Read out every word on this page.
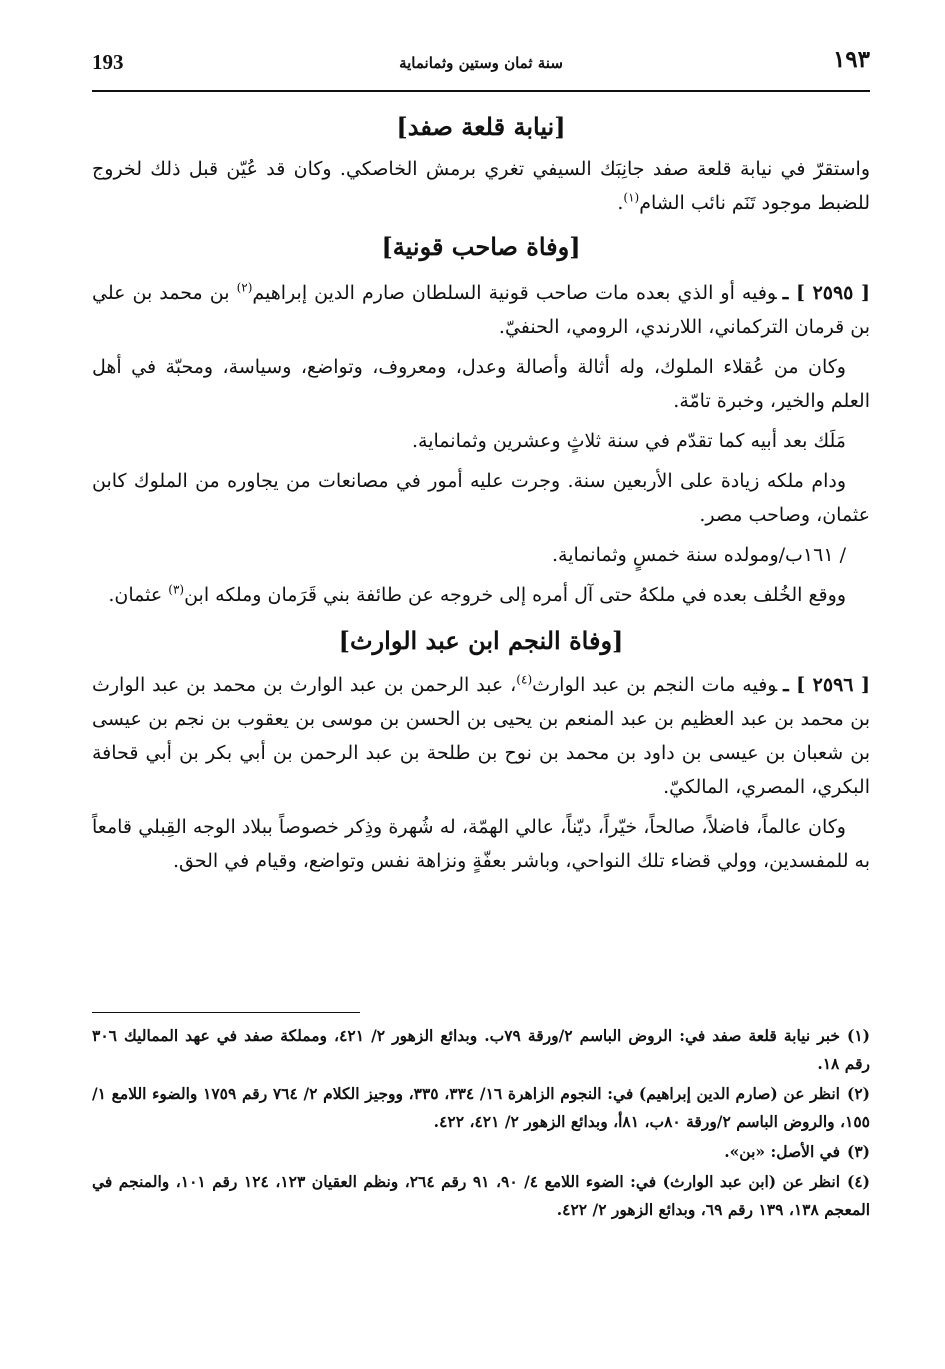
١٩٣
سنة ثمان وستين وثمانماية
193
[نيابة قلعة صفد]

واستقرّ في نيابة قلعة صفد جانِبَك السيفي تغري برمش الخاصكي. وكان قد عُيّن قبل ذلك لخروج للضبط موجود تَنَم نائب الشام$^{(١)}$.

[وفاة صاحب قونية]

[ ٢٥٩٥ ] ـوفيه أو الذي بعده مات صاحب قونية السلطان صارم الدين إبراهيم$^{(٢)}$ بن محمد بن علي بن قرمان التركماني، اللارندي، الرومي، الحنفيّ.

وكان من عُقلاء الملوك، وله أثالة وأصالة وعدل، ومعروف، وتواضع، وسياسة، ومحبّة في أهل العلم والخير، وخبرة تامّة.

مَلَك بعد أبيه كما تقدّم في سنة ثلاثٍ وعشرين وثمانماية.

ودام ملكه زيادة على الأربعين سنة. وجرت عليه أمور في مصانعات من يجاوره من الملوك كابن عثمان، وصاحب مصر.

/ ١٦١ب/ومولده سنة خمسٍ وثمانماية.

ووقع الخُلف بعده في ملكهُ حتى آل أمره إلى خروجه عن طائفة بني قَرَمان وملكه ابن$^{(٣)}$ عثمان.

[وفاة النجم ابن عبد الوارث]

[ ٢٥٩٦ ] ـوفيه مات النجم بن عبد الوارث$^{(٤)}$، عبد الرحمن بن عبد الوارث بن محمد بن عبد الوارث بن محمد بن عبد العظيم بن عبد المنعم بن يحيى بن الحسن بن موسى بن يعقوب بن نجم بن عيسى بن شعبان بن عيسى بن داود بن محمد بن نوح بن طلحة بن عبد الرحمن بن أبي بكر بن أبي قحافة البكري، المصري، المالكيّ.

وكان عالماً، فاضلاً، صالحاً، خيّراً، ديّناً، عالي الهمّة، له شُهرة وذِكر خصوصاً ببلاد الوجه القِبلي قامعاً به للمفسدين، وولي قضاء تلك النواحي، وباشر بعفّةٍ ونزاهة نفس وتواضع، وقيام في الحق.

(١)خبر نيابة قلعة صفد في: الروض الباسم ٢/ورقة ٧٩ب. وبدائع الزهور ٢/ ٤٢١، ومملكة صفد في عهد المماليك ٣٠٦ رقم ١٨.

(٢)انظر عن (صارم الدين إبراهيم) في: النجوم الزاهرة ١٦/ ٣٣٤، ٣٣٥، ووجيز الكلام ٢/ ٧٦٤ رقم ١٧٥٩ والضوء اللامع ١/ ١٥٥، والروض الباسم ٢/ورقة ٨٠ب، ٨١أ، وبدائع الزهور ٢/ ٤٢١، ٤٢٢.

(٣)في الأصل: «بن».

(٤)انظر عن (ابن عبد الوارث) في: الضوء اللامع ٤/ ٩٠، ٩١ رقم ٢٦٤، ونظم العقيان ١٢٣، ١٢٤ رقم ١٠١، والمنجم في المعجم ١٣٨، ١٣٩ رقم ٦٩، وبدائع الزهور ٢/ ٤٢٢.
